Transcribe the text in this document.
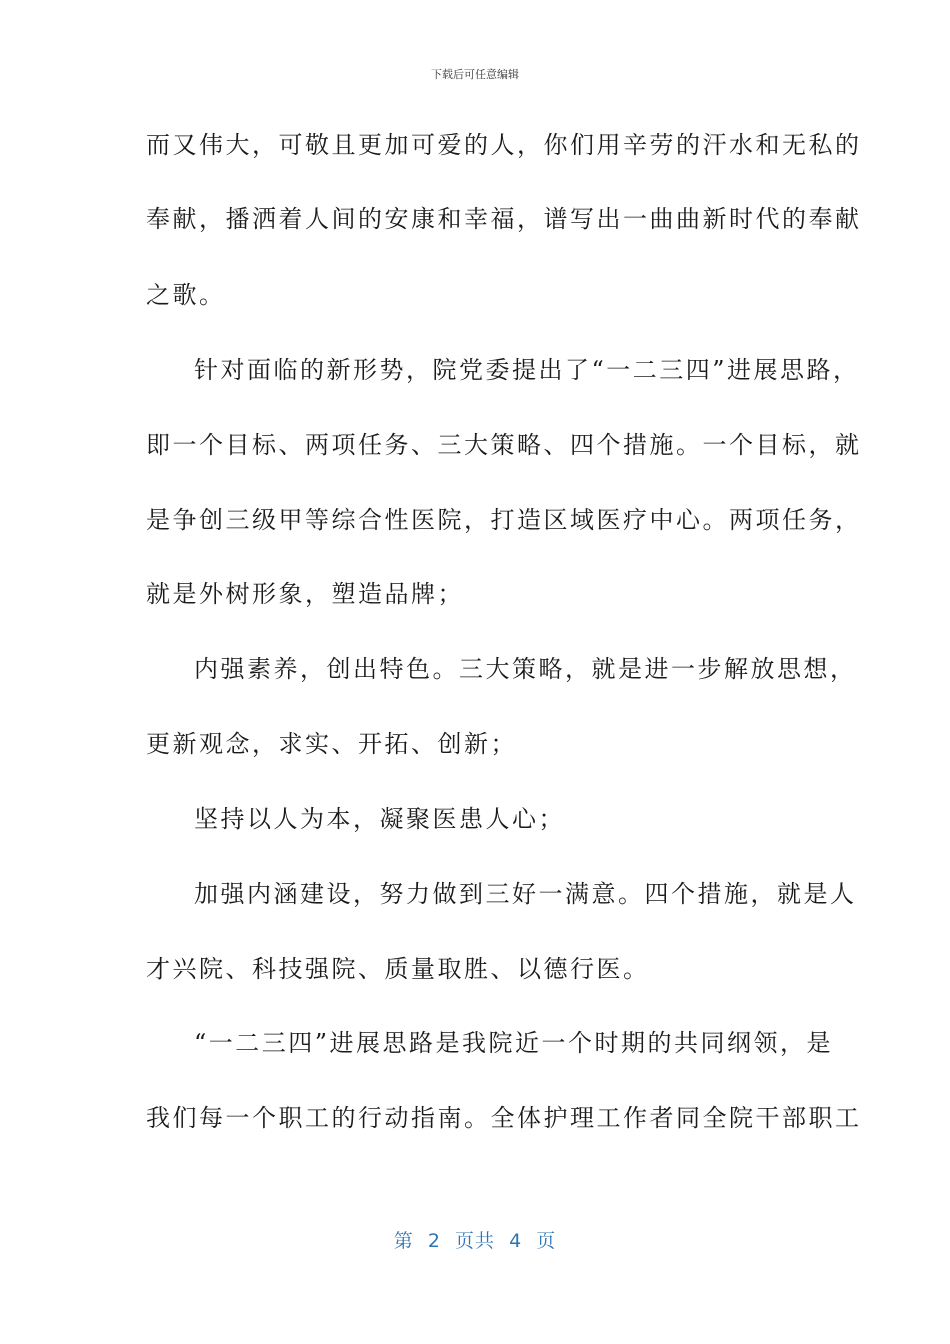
下载后可任意编辑
而又伟大，可敬且更加可爱的人，你们用辛劳的汗水和无私的
奉献，播洒着人间的安康和幸福，谱写出一曲曲新时代的奉献
之歌。
针对面临的新形势，院党委提出了“一二三四”进展思路，
即一个目标、两项任务、三大策略、四个措施。一个目标，就
是争创三级甲等综合性医院，打造区域医疗中心。两项任务，
就是外树形象，塑造品牌；
内强素养，创出特色。三大策略，就是进一步解放思想，
更新观念，求实、开拓、创新；
坚持以人为本，凝聚医患人心；
加强内涵建设，努力做到三好一满意。四个措施，就是人
才兴院、科技强院、质量取胜、以德行医。
“一二三四”进展思路是我院近一个时期的共同纲领，是
我们每一个职工的行动指南。全体护理工作者同全院干部职工
第  2  页共  4  页
